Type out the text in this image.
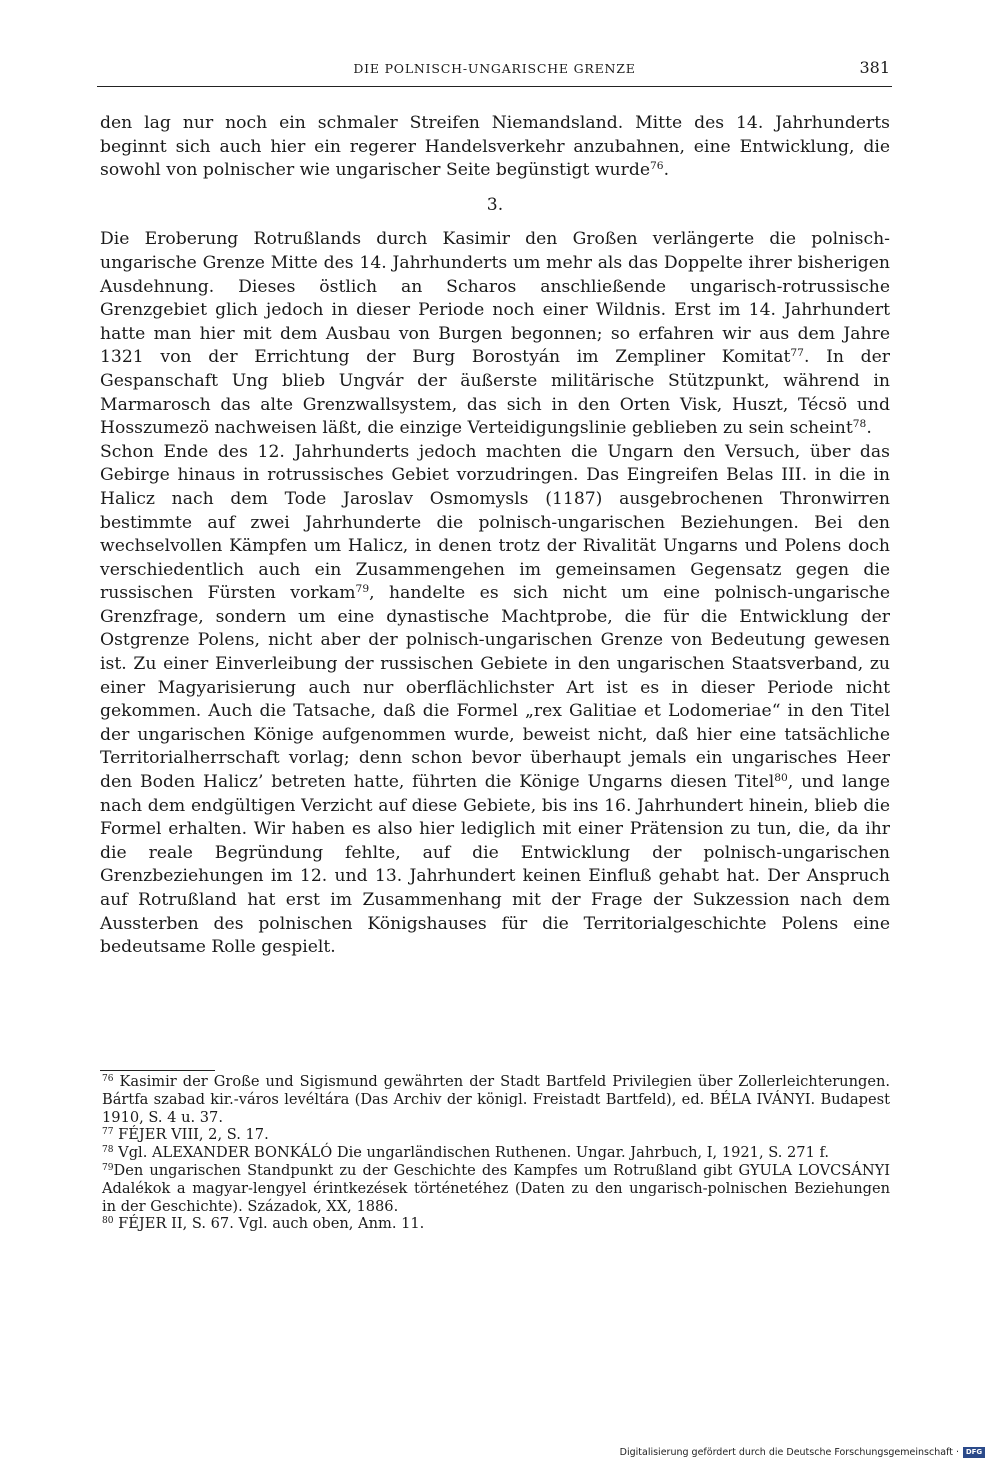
DIE POLNISCH-UNGARISCHE GRENZE	381

den lag nur noch ein schmaler Streifen Niemandsland. Mitte des 14. Jahrhunderts beginnt sich auch hier ein regerer Handelsverkehr anzubahnen, eine Entwicklung, die sowohl von polnischer wie ungarischer Seite begünstigt wurde$^{76}$.

3.

Die Eroberung Rotrußlands durch Kasimir den Großen verlängerte die polnisch-ungarische Grenze Mitte des 14. Jahrhunderts um mehr als das Doppelte ihrer bisherigen Ausdehnung. Dieses östlich an Scharos anschließende ungarisch-rotrussische Grenzgebiet glich jedoch in dieser Periode noch einer Wildnis. Erst im 14. Jahrhundert hatte man hier mit dem Ausbau von Burgen begonnen; so erfahren wir aus dem Jahre 1321 von der Errichtung der Burg Borostyán im Zempliner Komitat$^{77}$. In der Gespanschaft Ung blieb Ungvár der äußerste militärische Stützpunkt, während in Marmarosch das alte Grenzwallsystem, das sich in den Orten Visk, Huszt, Técsö und Hosszumezö nachweisen läßt, die einzige Verteidigungslinie geblieben zu sein scheint$^{78}$.

Schon Ende des 12. Jahrhunderts jedoch machten die Ungarn den Versuch, über das Gebirge hinaus in rotrussisches Gebiet vorzudringen. Das Eingreifen Belas III. in die in Halicz nach dem Tode Jaroslav Osmomysls (1187) ausgebrochenen Thronwirren bestimmte auf zwei Jahrhunderte die polnisch-ungarischen Beziehungen. Bei den wechselvollen Kämpfen um Halicz, in denen trotz der Rivalität Ungarns und Polens doch verschiedentlich auch ein Zusammengehen im gemeinsamen Gegensatz gegen die russischen Fürsten vorkam$^{79}$, handelte es sich nicht um eine polnisch-ungarische Grenzfrage, sondern um eine dynastische Machtprobe, die für die Entwicklung der Ostgrenze Polens, nicht aber der polnisch-ungarischen Grenze von Bedeutung gewesen ist. Zu einer Einverleibung der russischen Gebiete in den ungarischen Staatsverband, zu einer Magyarisierung auch nur oberflächlichster Art ist es in dieser Periode nicht gekommen. Auch die Tatsache, daß die Formel „rex Galitiae et Lodomeriae“ in den Titel der ungarischen Könige aufgenommen wurde, beweist nicht, daß hier eine tatsächliche Territorialherrschaft vorlag; denn schon bevor überhaupt jemals ein ungarisches Heer den Boden Halicz’ betreten hatte, führten die Könige Ungarns diesen Titel$^{80}$, und lange nach dem endgültigen Verzicht auf diese Gebiete, bis ins 16. Jahrhundert hinein, blieb die Formel erhalten. Wir haben es also hier lediglich mit einer Prätension zu tun, die, da ihr die reale Begründung fehlte, auf die Entwicklung der polnisch-ungarischen Grenzbeziehungen im 12. und 13. Jahrhundert keinen Einfluß gehabt hat. Der Anspruch auf Rotrußland hat erst im Zusammenhang mit der Frage der Sukzession nach dem Aussterben des polnischen Königshauses für die Territorialgeschichte Polens eine bedeutsame Rolle gespielt.

$^{76}$ Kasimir der Große und Sigismund gewährten der Stadt Bartfeld Privilegien über Zollerleichterungen. Bártfa szabad kir.-város levéltára (Das Archiv der königl. Freistadt Bartfeld), ed. BÉLA IVÁNYI. Budapest 1910, S. 4 u. 37.

$^{77}$ FÉJER VIII, 2, S. 17.

$^{78}$ Vgl. ALEXANDER BONKÁLÓ Die ungarländischen Ruthenen. Ungar. Jahrbuch, I, 1921, S. 271 f.

$^{79}$Den ungarischen Standpunkt zu der Geschichte des Kampfes um Rotrußland gibt GYULA LOVCSÁNYI Adalékok a magyar-lengyel érintkezések történetéhez (Daten zu den ungarisch-polnischen Beziehungen in der Geschichte). Századok, XX, 1886.

$^{80}$ FÉJER II, S. 67. Vgl. auch oben, Anm. 11.

Digitalisierung gefördert durch die Deutsche Forschungsgemeinschaft · DFG
